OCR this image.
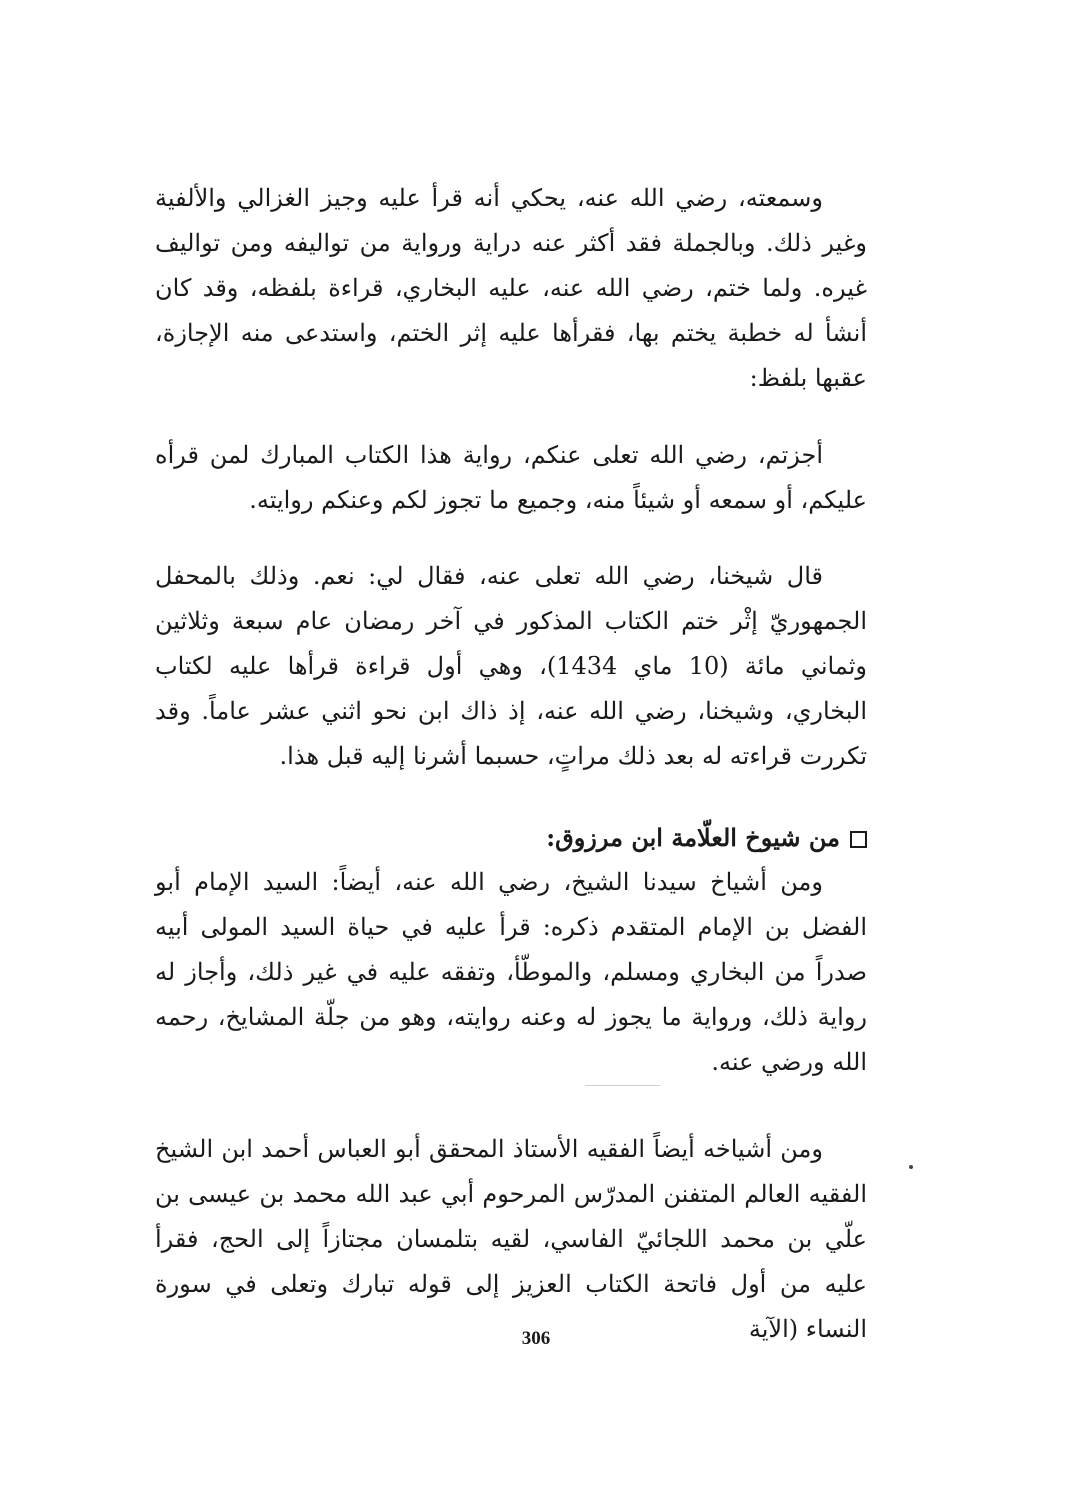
وسمعته، رضي الله عنه، يحكي أنه قرأ عليه وجيز الغزالي والألفية وغير ذلك. وبالجملة فقد أكثر عنه دراية ورواية من تواليفه ومن تواليف غيره. ولما ختم، رضي الله عنه، عليه البخاري، قراءة بلفظه، وقد كان أنشأ له خطبة يختم بها، فقرأها عليه إثر الختم، واستدعى منه الإجازة، عقبها بلفظ:

أجزتم، رضي الله تعلى عنكم، رواية هذا الكتاب المبارك لمن قرأه عليكم، أو سمعه أو شيئاً منه، وجميع ما تجوز لكم وعنكم روايته.

قال شيخنا، رضي الله تعلى عنه، فقال لي: نعم. وذلك بالمحفل الجمهوريّ إثْر ختم الكتاب المذكور في آخر رمضان عام سبعة وثلاثين وثماني مائة (10 ماي 1434)، وهي أول قراءة قرأها عليه لكتاب البخاري، وشيخنا، رضي الله عنه، إذ ذاك ابن نحو اثني عشر عاماً. وقد تكررت قراءته له بعد ذلك مراتٍ، حسبما أشرنا إليه قبل هذا.

من شيوخ العلّامة ابن مرزوق:

ومن أشياخ سيدنا الشيخ، رضي الله عنه، أيضاً: السيد الإمام أبو الفضل بن الإمام المتقدم ذكره: قرأ عليه في حياة السيد المولى أبيه صدراً من البخاري ومسلم، والموطّأ، وتفقه عليه في غير ذلك، وأجاز له رواية ذلك، ورواية ما يجوز له وعنه روايته، وهو من جلّة المشايخ، رحمه الله ورضي عنه.

ومن أشياخه أيضاً الفقيه الأستاذ المحقق أبو العباس أحمد ابن الشيخ الفقيه العالم المتفنن المدرّس المرحوم أبي عبد الله محمد بن عيسى بن علّي بن محمد اللجائيّ الفاسي، لقيه بتلمسان مجتازاً إلى الحج، فقرأ عليه من أول فاتحة الكتاب العزيز إلى قوله تبارك وتعلى في سورة النساء (الآية

306
